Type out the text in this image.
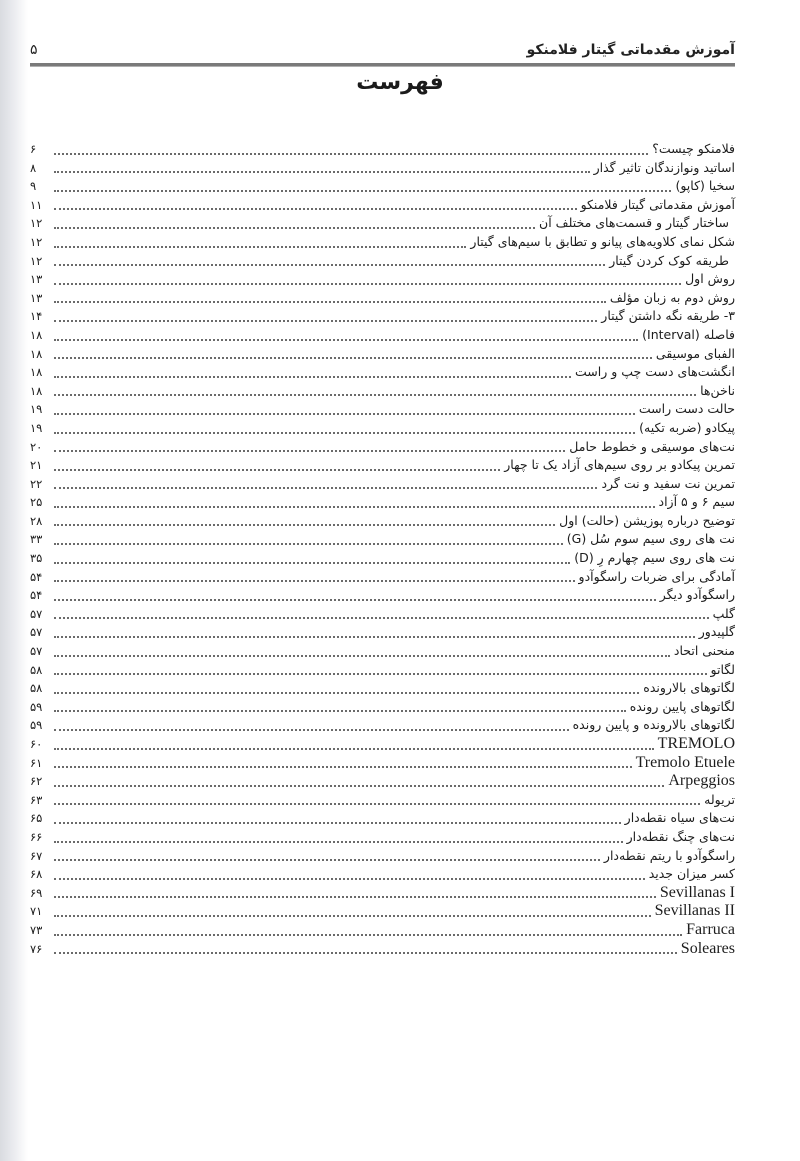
آموزش مقدماتی گیتار فلامنکو
۵
فهرست
فلامنکو چیست؟
۶
اساتید ونوازندگان تاثیر گذار
۸
سخیا (کاپو)
۹
آموزش مقدماتی گیتار فلامنکو
۱۱
ساختار گیتار و قسمت‌های مختلف آن
۱۲
شکل نمای کلاویه‌های پیانو و تطابق با سیم‌های گیتار
۱۲
طریقه کوک کردن گیتار
۱۲
روش اول
۱۳
روش دوم به زبان مؤلف
۱۳
۳- طریقه نگه داشتن گیتار
۱۴
فاصله (Interval)
۱۸
الفبای موسیقی
۱۸
انگشت‌های دست چپ و راست
۱۸
ناخن‌ها
۱۸
حالت دست راست
۱۹
پیکادو (ضربه تکیه)
۱۹
نت‌های موسیقی و خطوط حامل
۲۰
تمرین پیکادو بر روی سیم‌های آزاد یک تا چهار
۲۱
تمرین نت سفید و نت گرد
۲۲
سیم ۶ و ۵ آزاد
۲۵
توضیح درباره پوزیشن (حالت) اول
۲۸
نت های روی سیم سوم سُل (G)
۳۳
نت های روی سیم چهارم رِ (D)
۳۵
آمادگی برای ضربات راسگوآدو
۵۴
راسگوآدو دیگر
۵۴
گلپ
۵۷
گلپیدور
۵۷
منحنی اتحاد
۵۷
لگاتو
۵۸
لگاتوهای بالارونده
۵۸
لگاتوهای پایین رونده
۵۹
لگاتوهای بالارونده و پایین رونده
۵۹
TREMOLO
۶۰
Tremolo Etuele
۶۱
Arpeggios
۶۲
تریوله
۶۳
نت‌های سیاه نقطه‌دار
۶۵
نت‌های چنگ نقطه‌دار
۶۶
راسگوآدو با ریتم نقطه‌دار
۶۷
کسر میزان جدید
۶۸
Sevillanas I
۶۹
Sevillanas II
۷۱
Farruca
۷۳
Soleares
۷۶
